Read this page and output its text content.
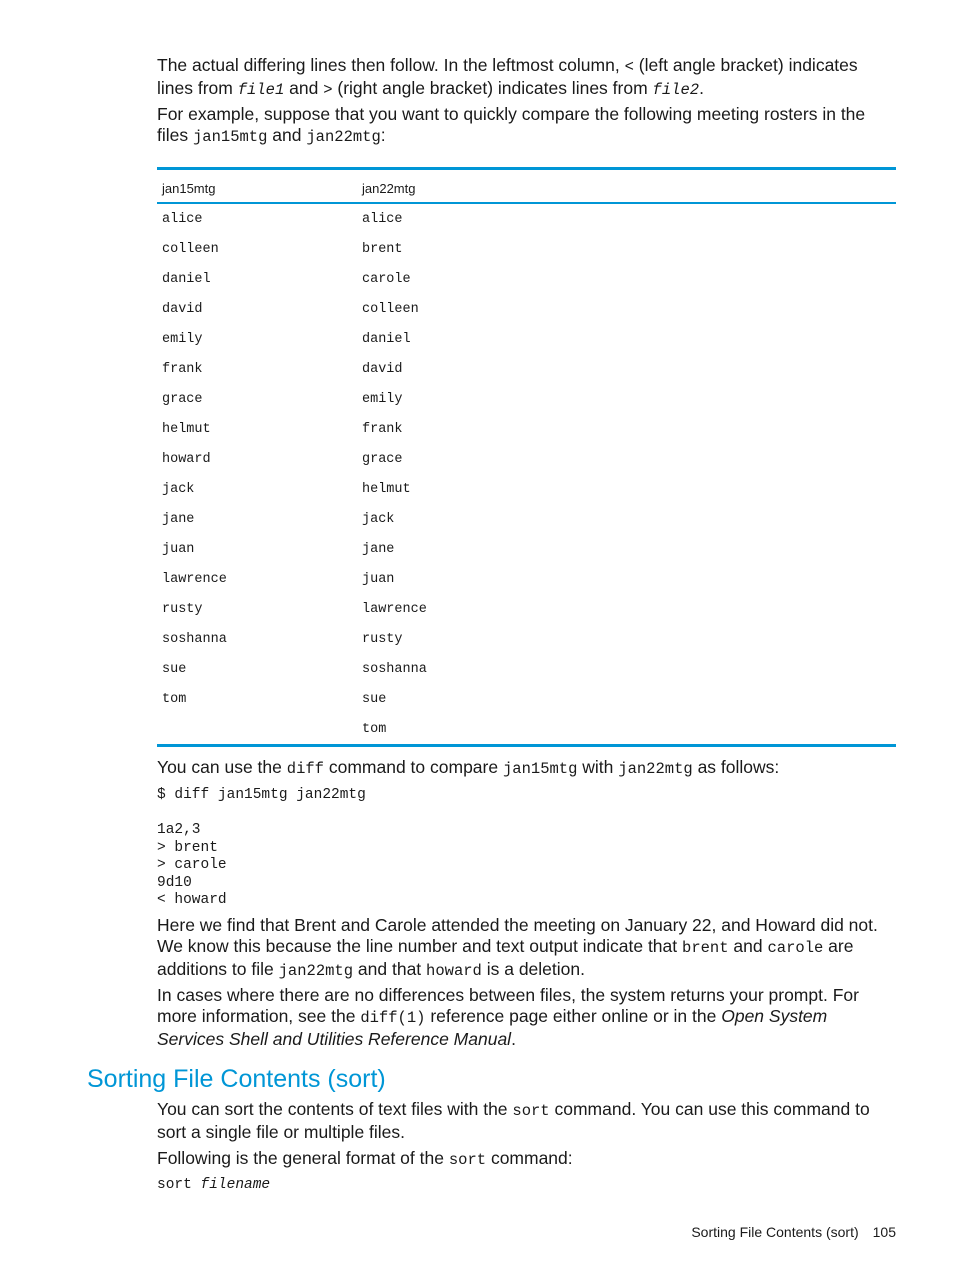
The actual differing lines then follow. In the leftmost column, < (left angle bracket) indicates lines from file1 and > (right angle bracket) indicates lines from file2.

For example, suppose that you want to quickly compare the following meeting rosters in the files jan15mtg and jan22mtg:

jan15mtg	jan22mtg
alice	alice
colleen	brent
daniel	carole
david	colleen
emily	daniel
frank	david
grace	emily
helmut	frank
howard	grace
jack	helmut
jane	jack
juan	jane
lawrence	juan
rusty	lawrence
soshanna	rusty
sue	soshanna
tom	sue
	tom

You can use the diff command to compare jan15mtg with jan22mtg as follows:

$ diff jan15mtg jan22mtg

1a2,3
> brent
> carole
9d10
< howard

Here we find that Brent and Carole attended the meeting on January 22, and Howard did not. We know this because the line number and text output indicate that brent and carole are additions to file jan22mtg and that howard is a deletion.

In cases where there are no differences between files, the system returns your prompt. For more information, see the diff(1) reference page either online or in the Open System Services Shell and Utilities Reference Manual.

Sorting File Contents (sort)

You can sort the contents of text files with the sort command. You can use this command to sort a single file or multiple files.

Following is the general format of the sort command:

sort filename
Sorting File Contents (sort) 105
